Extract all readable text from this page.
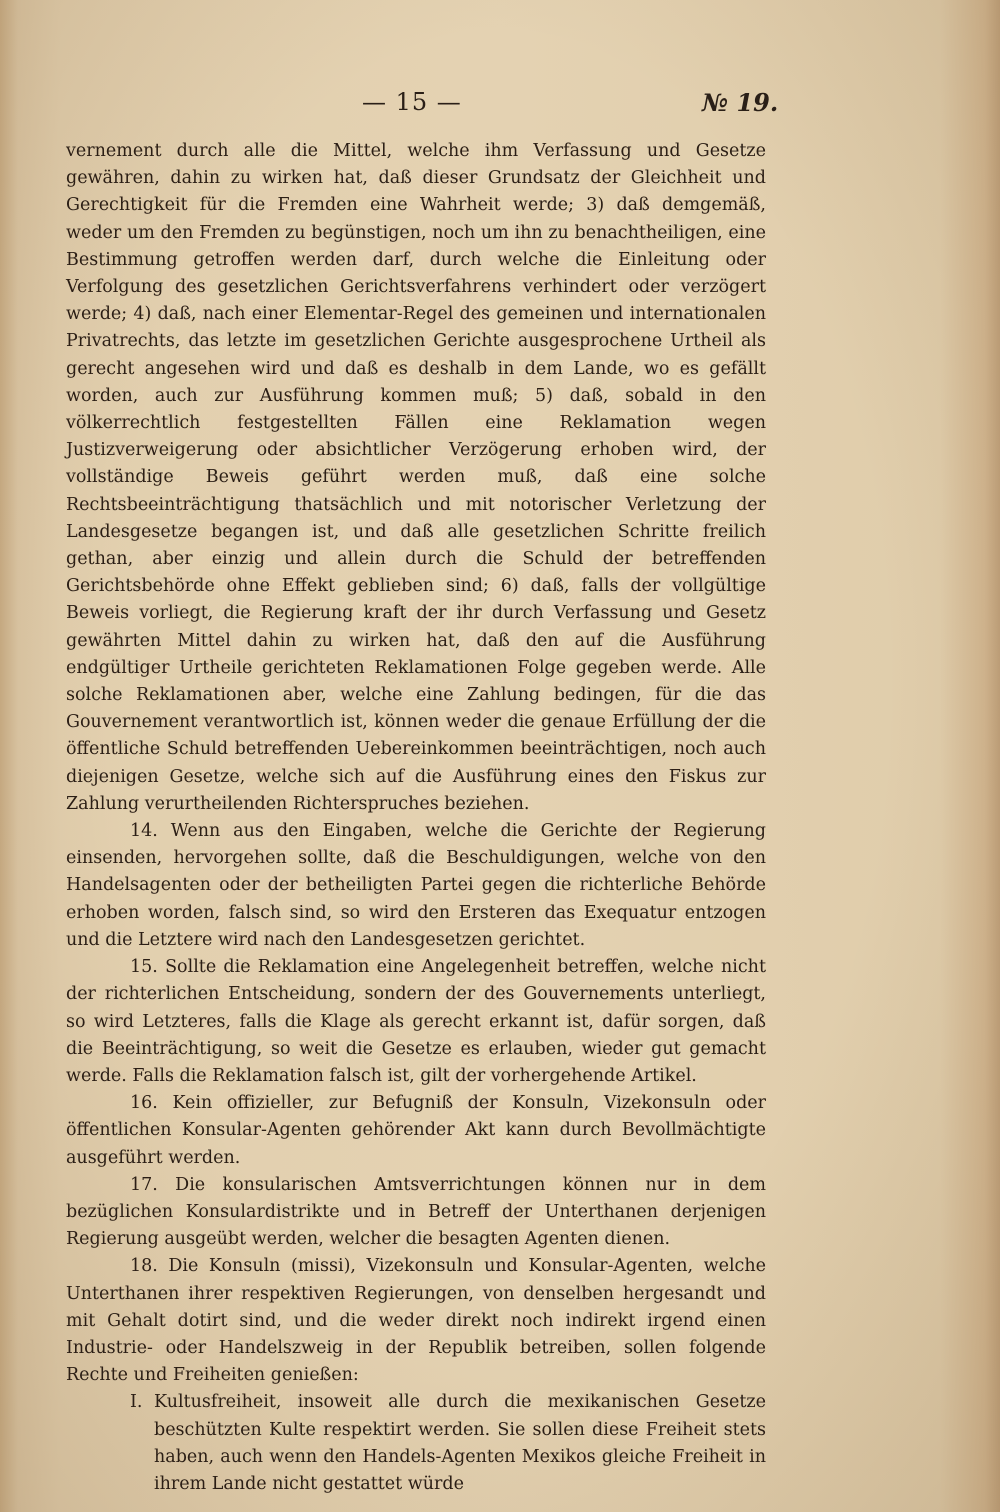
— 15 —	№ 19.

vernement durch alle die Mittel, welche ihm Verfassung und Gesetze gewähren, dahin zu wirken hat, daß dieser Grundsatz der Gleichheit und Gerechtigkeit für die Fremden eine Wahrheit werde; 3) daß demgemäß, weder um den Fremden zu begünstigen, noch um ihn zu benachtheiligen, eine Bestimmung getroffen werden darf, durch welche die Einleitung oder Verfolgung des gesetzlichen Gerichtsverfahrens verhindert oder verzögert werde; 4) daß, nach einer Elementar-Regel des gemeinen und internationalen Privatrechts, das letzte im gesetzlichen Gerichte ausgesprochene Urtheil als gerecht angesehen wird und daß es deshalb in dem Lande, wo es gefällt worden, auch zur Ausführung kommen muß; 5) daß, sobald in den völkerrechtlich festgestellten Fällen eine Reklamation wegen Justizverweigerung oder absichtlicher Verzögerung erhoben wird, der vollständige Beweis geführt werden muß, daß eine solche Rechtsbeeinträchtigung thatsächlich und mit notorischer Verletzung der Landesgesetze begangen ist, und daß alle gesetzlichen Schritte freilich gethan, aber einzig und allein durch die Schuld der betreffenden Gerichtsbehörde ohne Effekt geblieben sind; 6) daß, falls der vollgültige Beweis vorliegt, die Regierung kraft der ihr durch Verfassung und Gesetz gewährten Mittel dahin zu wirken hat, daß den auf die Ausführung endgültiger Urtheile gerichteten Reklamationen Folge gegeben werde. Alle solche Reklamationen aber, welche eine Zahlung bedingen, für die das Gouvernement verantwortlich ist, können weder die genaue Erfüllung der die öffentliche Schuld betreffenden Uebereinkommen beeinträchtigen, noch auch diejenigen Gesetze, welche sich auf die Ausführung eines den Fiskus zur Zahlung verurtheilenden Richterspruches beziehen.

14. Wenn aus den Eingaben, welche die Gerichte der Regierung einsenden, hervorgehen sollte, daß die Beschuldigungen, welche von den Handelsagenten oder der betheiligten Partei gegen die richterliche Behörde erhoben worden, falsch sind, so wird den Ersteren das Exequatur entzogen und die Letztere wird nach den Landesgesetzen gerichtet.

15. Sollte die Reklamation eine Angelegenheit betreffen, welche nicht der richterlichen Entscheidung, sondern der des Gouvernements unterliegt, so wird Letzteres, falls die Klage als gerecht erkannt ist, dafür sorgen, daß die Beeinträchtigung, so weit die Gesetze es erlauben, wieder gut gemacht werde. Falls die Reklamation falsch ist, gilt der vorhergehende Artikel.

16. Kein offizieller, zur Befugniß der Konsuln, Vizekonsuln oder öffentlichen Konsular-Agenten gehörender Akt kann durch Bevollmächtigte ausgeführt werden.

17. Die konsularischen Amtsverrichtungen können nur in dem bezüglichen Konsulardistrikte und in Betreff der Unterthanen derjenigen Regierung ausgeübt werden, welcher die besagten Agenten dienen.

18. Die Konsuln (missi), Vizekonsuln und Konsular-Agenten, welche Unterthanen ihrer respektiven Regierungen, von denselben hergesandt und mit Gehalt dotirt sind, und die weder direkt noch indirekt irgend einen Industrie- oder Handelszweig in der Republik betreiben, sollen folgende Rechte und Freiheiten genießen:

I. Kultusfreiheit, insoweit alle durch die mexikanischen Gesetze beschützten Kulte respektirt werden. Sie sollen diese Freiheit stets haben, auch wenn den Handels-Agenten Mexikos gleiche Freiheit in ihrem Lande nicht gestattet würde
